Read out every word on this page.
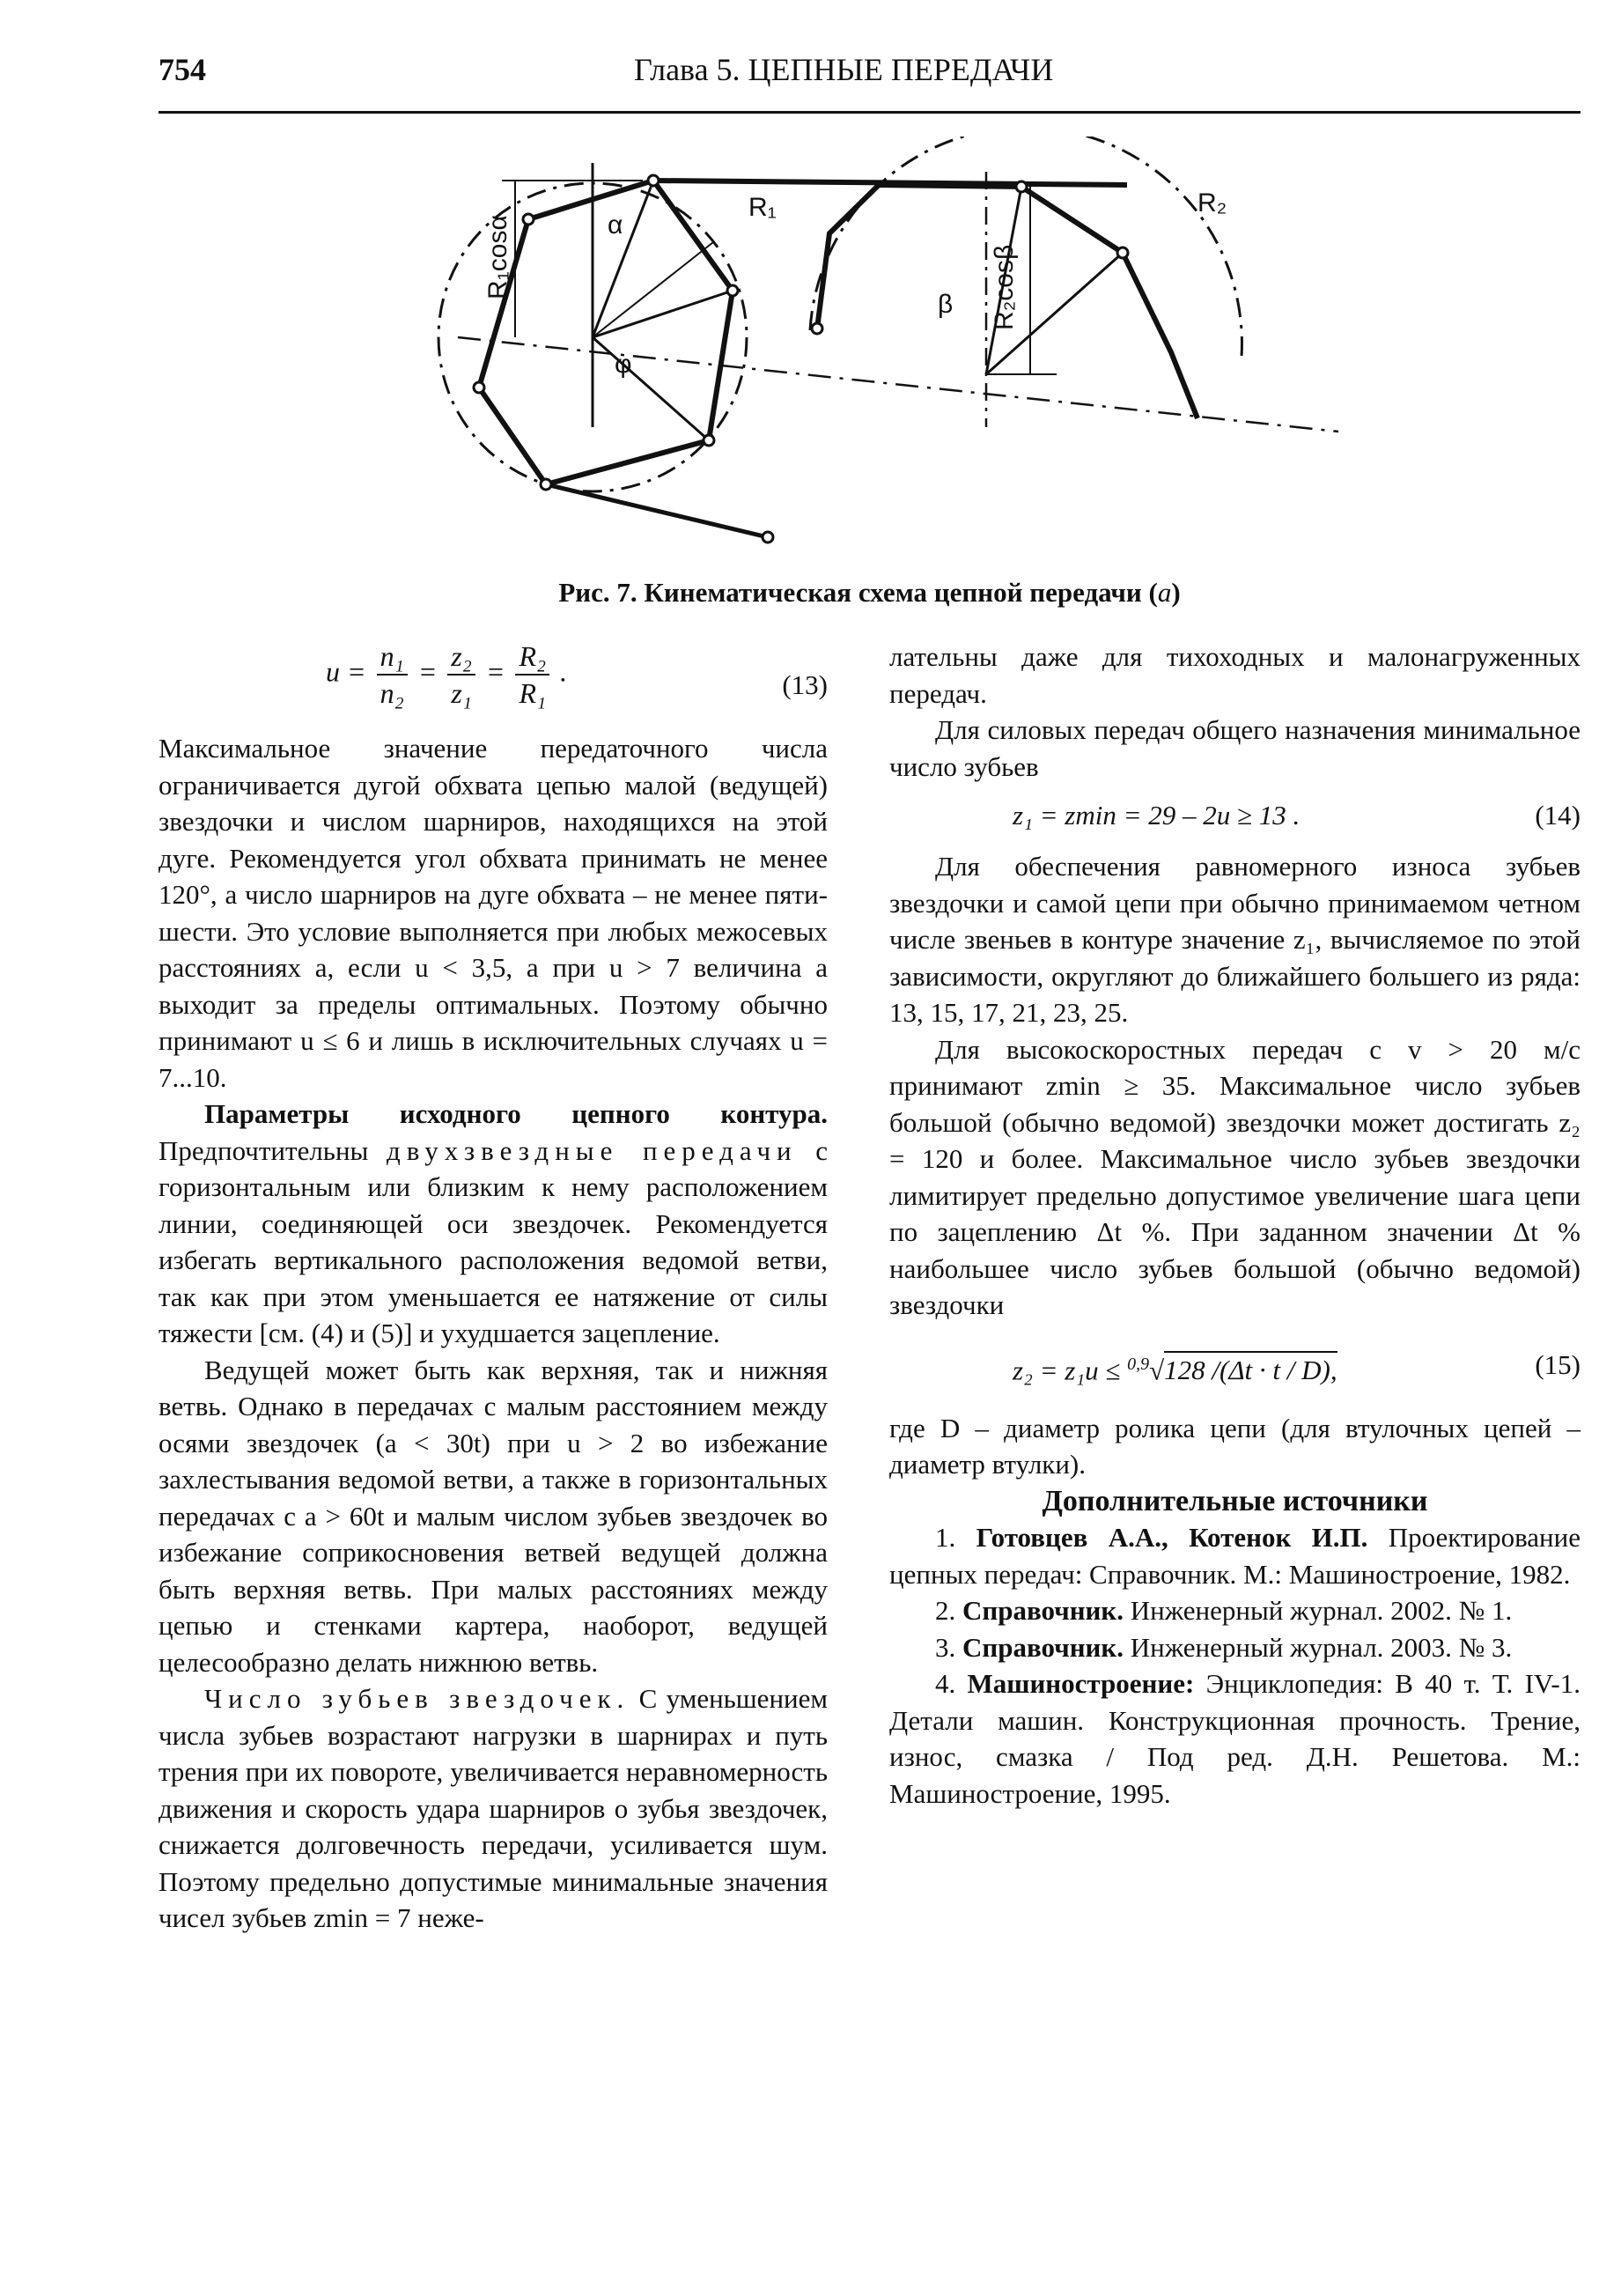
754	Глава 5. ЦЕПНЫЕ ПЕРЕДАЧИ
R₁cosα	α
R₁
φ
β R₂cosβ
R₂
Рис. 7. Кинематическая схема цепной передачи (а)
$u = \frac{\text{n₁}}{\text{n₂}} = \frac{\text{z₂}}{\text{z₁}} = \frac{\text{R₂}}{\text{R₁}}$ .	(13)

Максимальное значение передаточного числа ограничивается дугой обхвата цепью малой (ведущей) звездочки и числом шарниров, находящихся на этой дуге. Рекомендуется угол обхвата принимать не менее 120°, а число шарниров на дуге обхвата – не менее пяти-шести. Это условие выполняется при любых межосевых расстояниях a, если u < 3,5, а при u > 7 величина a выходит за пределы оптимальных. Поэтому обычно принимают u ≤ 6 и лишь в исключительных случаях u = 7...10.

Параметры исходного цепного контура. Предпочтительны двухзвездные передачи с горизонтальным или близким к нему расположением линии, соединяющей оси звездочек. Рекомендуется избегать вертикального расположения ведомой ветви, так как при этом уменьшается ее натяжение от силы тяжести [см. (4) и (5)] и ухудшается зацепление.

Ведущей может быть как верхняя, так и нижняя ветвь. Однако в передачах с малым расстоянием между осями звездочек (a < 30t) при u > 2 во избежание захлестывания ведомой ветви, а также в горизонтальных передачах с a > 60t и малым числом зубьев звездочек во избежание соприкосновения ветвей ведущей должна быть верхняя ветвь. При малых расстояниях между цепью и стенками картера, наоборот, ведущей целесообразно делать нижнюю ветвь.

Число зубьев звездочек. С уменьшением числа зубьев возрастают нагрузки в шарнирах и путь трения при их повороте, увеличивается неравномерность движения и скорость удара шарниров о зубья звездочек, снижается долговечность передачи, усиливается шум. Поэтому предельно допустимые минимальные значения чисел зубьев zmin = 7 неже-

лательны даже для тихоходных и малонагруженных передач.

Для силовых передач общего назначения минимальное число зубьев

z₁ = zmin = 29 – 2u ≥ 13 .	(14)

Для обеспечения равномерного износа зубьев звездочки и самой цепи при обычно принимаемом четном числе звеньев в контуре значение z₁, вычисляемое по этой зависимости, округляют до ближайшего большего из ряда: 13, 15, 17, 21, 23, 25.

Для высокоскоростных передач с v > 20 м/с принимают zmin ≥ 35. Максимальное число зубьев большой (обычно ведомой) звездочки может достигать z₂ = 120 и более. Максимальное число зубьев звездочки лимитирует предельно допустимое увеличение шага цепи по зацеплению Δt %. При заданном значении Δt % наибольшее число зубьев большой (обычно ведомой) звездочки

z₂ = z₁u ≤ $^{0,9}$√128 /(Δt · t / D),	(15)

где D – диаметр ролика цепи (для втулочных цепей – диаметр втулки).

Дополнительные источники

1. Готовцев А.А., Котенок И.П. Проектирование цепных передач: Справочник. М.: Машиностроение, 1982.

2. Справочник. Инженерный журнал. 2002. № 1.

3. Справочник. Инженерный журнал. 2003. № 3.

4. Машиностроение: Энциклопедия: В 40 т. Т. IV-1. Детали машин. Конструкционная прочность. Трение, износ, смазка / Под ред. Д.Н. Решетова. М.: Машиностроение, 1995.
